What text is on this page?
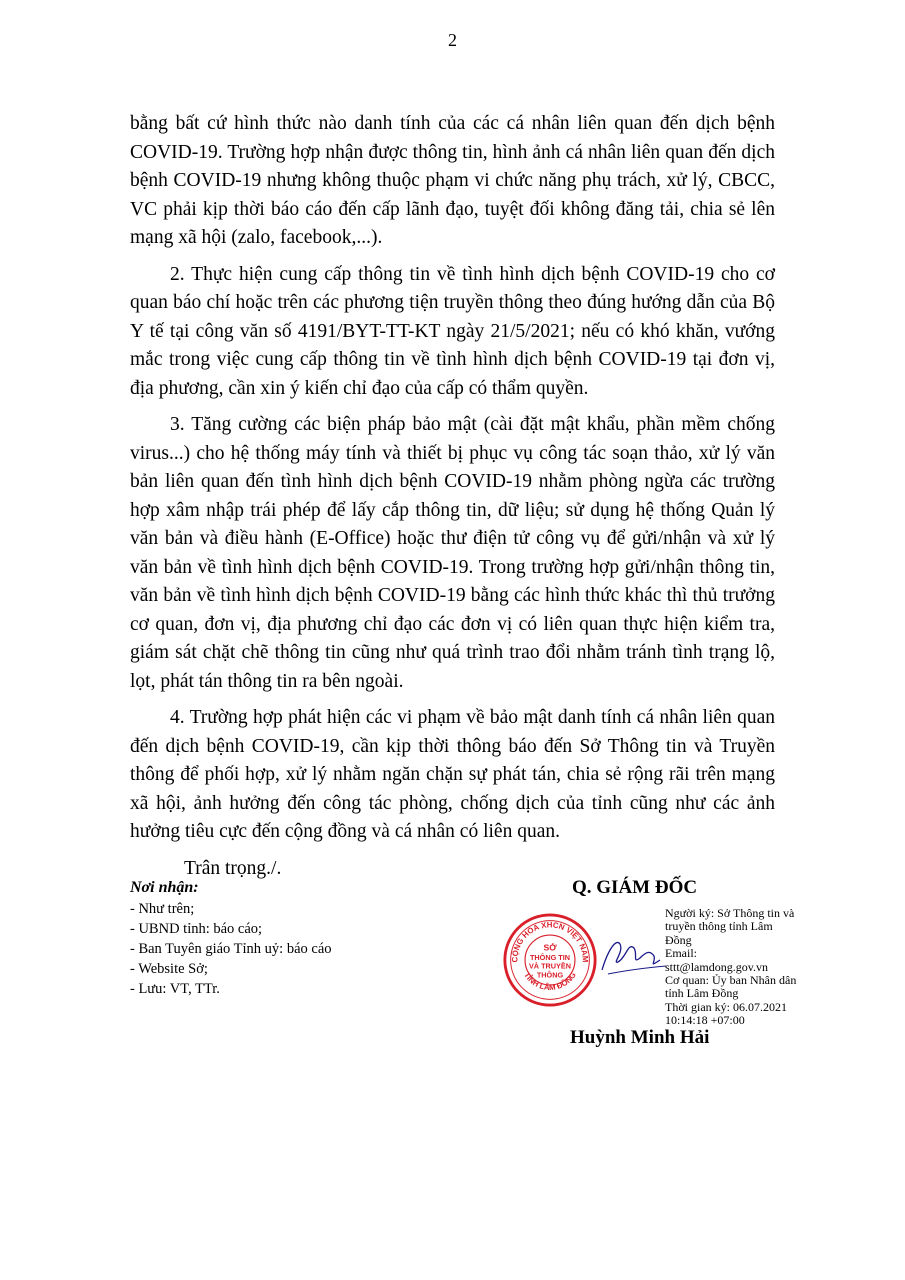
2

bằng bất cứ hình thức nào danh tính của các cá nhân liên quan đến dịch bệnh COVID-19. Trường hợp nhận được thông tin, hình ảnh cá nhân liên quan đến dịch bệnh COVID-19 nhưng không thuộc phạm vi chức năng phụ trách, xử lý, CBCC, VC phải kịp thời báo cáo đến cấp lãnh đạo, tuyệt đối không đăng tải, chia sẻ lên mạng xã hội (zalo, facebook,...).

2. Thực hiện cung cấp thông tin về tình hình dịch bệnh COVID-19 cho cơ quan báo chí hoặc trên các phương tiện truyền thông theo đúng hướng dẫn của Bộ Y tế tại công văn số 4191/BYT-TT-KT ngày 21/5/2021; nếu có khó khăn, vướng mắc trong việc cung cấp thông tin về tình hình dịch bệnh COVID-19 tại đơn vị, địa phương, cần xin ý kiến chỉ đạo của cấp có thẩm quyền.

3. Tăng cường các biện pháp bảo mật (cài đặt mật khẩu, phần mềm chống virus...) cho hệ thống máy tính và thiết bị phục vụ công tác soạn thảo, xử lý văn bản liên quan đến tình hình dịch bệnh COVID-19 nhằm phòng ngừa các trường hợp xâm nhập trái phép để lấy cắp thông tin, dữ liệu; sử dụng hệ thống Quản lý văn bản và điều hành (E-Office) hoặc thư điện tử công vụ để gửi/nhận và xử lý văn bản về tình hình dịch bệnh COVID-19. Trong trường hợp gửi/nhận thông tin, văn bản về tình hình dịch bệnh COVID-19 bằng các hình thức khác thì thủ trưởng cơ quan, đơn vị, địa phương chỉ đạo các đơn vị có liên quan thực hiện kiểm tra, giám sát chặt chẽ thông tin cũng như quá trình trao đổi nhằm tránh tình trạng lộ, lọt, phát tán thông tin ra bên ngoài.

4. Trường hợp phát hiện các vi phạm về bảo mật danh tính cá nhân liên quan đến dịch bệnh COVID-19, cần kịp thời thông báo đến Sở Thông tin và Truyền thông để phối hợp, xử lý nhằm ngăn chặn sự phát tán, chia sẻ rộng rãi trên mạng xã hội, ảnh hưởng đến công tác phòng, chống dịch của tỉnh cũng như các ảnh hưởng tiêu cực đến cộng đồng và cá nhân có liên quan.

Trân trọng./.

Nơi nhận:
- Như trên;
- UBND tỉnh: báo cáo;
- Ban Tuyên giáo Tỉnh uỷ: báo cáo
- Website Sở;
- Lưu: VT, TTr.
Q. GIÁM ĐỐC
CỘNG HÒA XHCN VIỆT NAM
TỈNH LÂM ĐỒNG
SỞ
THÔNG TIN
VÀ TRUYỀN
THÔNG
Người ký: Sở Thông tin và
truyền thông tỉnh Lâm
Đồng
Email:
sttt@lamdong.gov.vn
Cơ quan: Ủy ban Nhân dân
tỉnh Lâm Đồng
Thời gian ký: 06.07.2021
10:14:18 +07:00
Huỳnh Minh Hải
